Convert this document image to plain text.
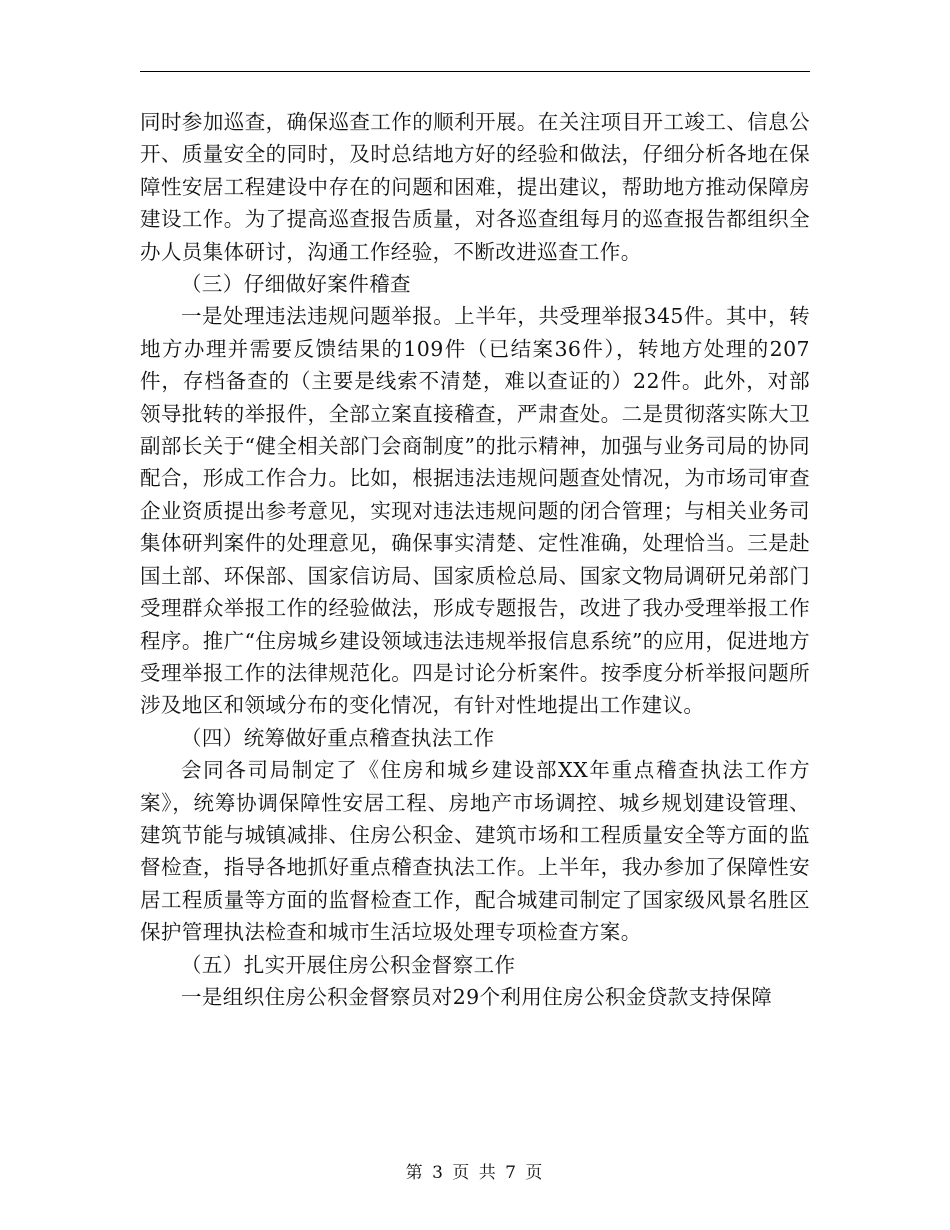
同时参加巡查，确保巡查工作的顺利开展。在关注项目开工竣工、信息公开、质量安全的同时，及时总结地方好的经验和做法，仔细分析各地在保障性安居工程建设中存在的问题和困难，提出建议，帮助地方推动保障房建设工作。为了提高巡查报告质量，对各巡查组每月的巡查报告都组织全办人员集体研讨，沟通工作经验，不断改进巡查工作。

（三）仔细做好案件稽查

一是处理违法违规问题举报。上半年，共受理举报345件。其中，转地方办理并需要反馈结果的109件（已结案36件），转地方处理的207件，存档备查的（主要是线索不清楚，难以查证的）22件。此外，对部领导批转的举报件，全部立案直接稽查，严肃查处。二是贯彻落实陈大卫副部长关于“健全相关部门会商制度”的批示精神，加强与业务司局的协同配合，形成工作合力。比如，根据违法违规问题查处情况，为市场司审查企业资质提出参考意见，实现对违法违规问题的闭合管理；与相关业务司集体研判案件的处理意见，确保事实清楚、定性准确，处理恰当。三是赴国土部、环保部、国家信访局、国家质检总局、国家文物局调研兄弟部门受理群众举报工作的经验做法，形成专题报告，改进了我办受理举报工作程序。推广“住房城乡建设领域违法违规举报信息系统”的应用，促进地方受理举报工作的法律规范化。四是讨论分析案件。按季度分析举报问题所涉及地区和领域分布的变化情况，有针对性地提出工作建议。

（四）统筹做好重点稽查执法工作

会同各司局制定了《住房和城乡建设部XX年重点稽查执法工作方案》，统筹协调保障性安居工程、房地产市场调控、城乡规划建设管理、建筑节能与城镇减排、住房公积金、建筑市场和工程质量安全等方面的监督检查，指导各地抓好重点稽查执法工作。上半年，我办参加了保障性安居工程质量等方面的监督检查工作，配合城建司制定了国家级风景名胜区保护管理执法检查和城市生活垃圾处理专项检查方案。

（五）扎实开展住房公积金督察工作

一是组织住房公积金督察员对29个利用住房公积金贷款支持保障

第 3 页 共 7 页
